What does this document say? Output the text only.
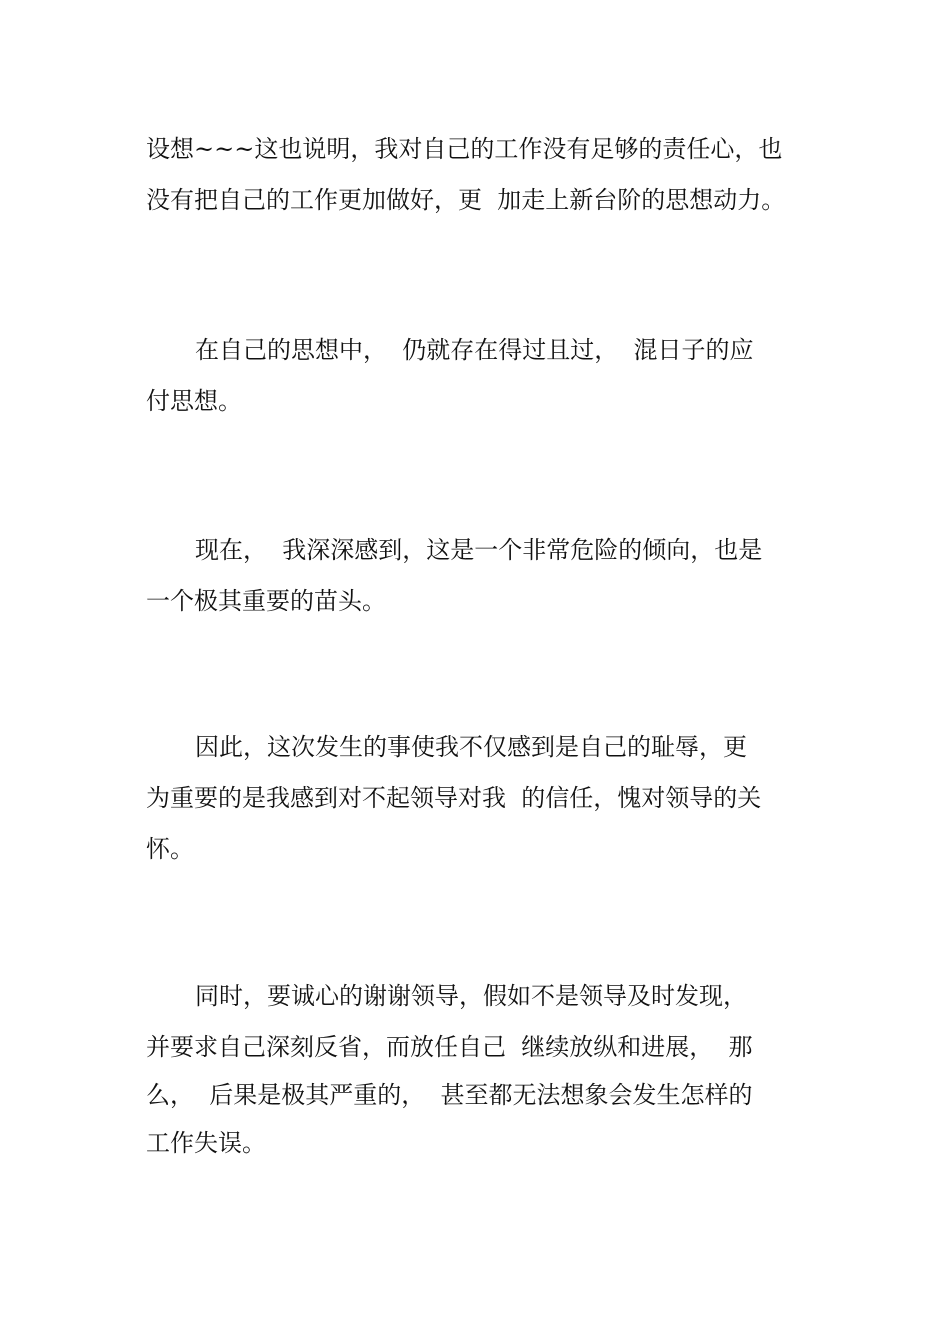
设想~~~这也说明，我对自己的工作没有足够的责任心，也
没有把自己的工作更加做好，更  加走上新台阶的思想动力。
在自己的思想中，  仍就存在得过且过，  混日子的应
付思想。
现在，  我深深感到，这是一个非常危险的倾向，也是
一个极其重要的苗头。
因此，这次发生的事使我不仅感到是自己的耻辱，更
为重要的是我感到对不起领导对我  的信任，愧对领导的关
怀。
同时，要诚心的谢谢领导，假如不是领导及时发现，
并要求自己深刻反省，而放任自己  继续放纵和进展，  那
么，  后果是极其严重的，  甚至都无法想象会发生怎样的
工作失误。
